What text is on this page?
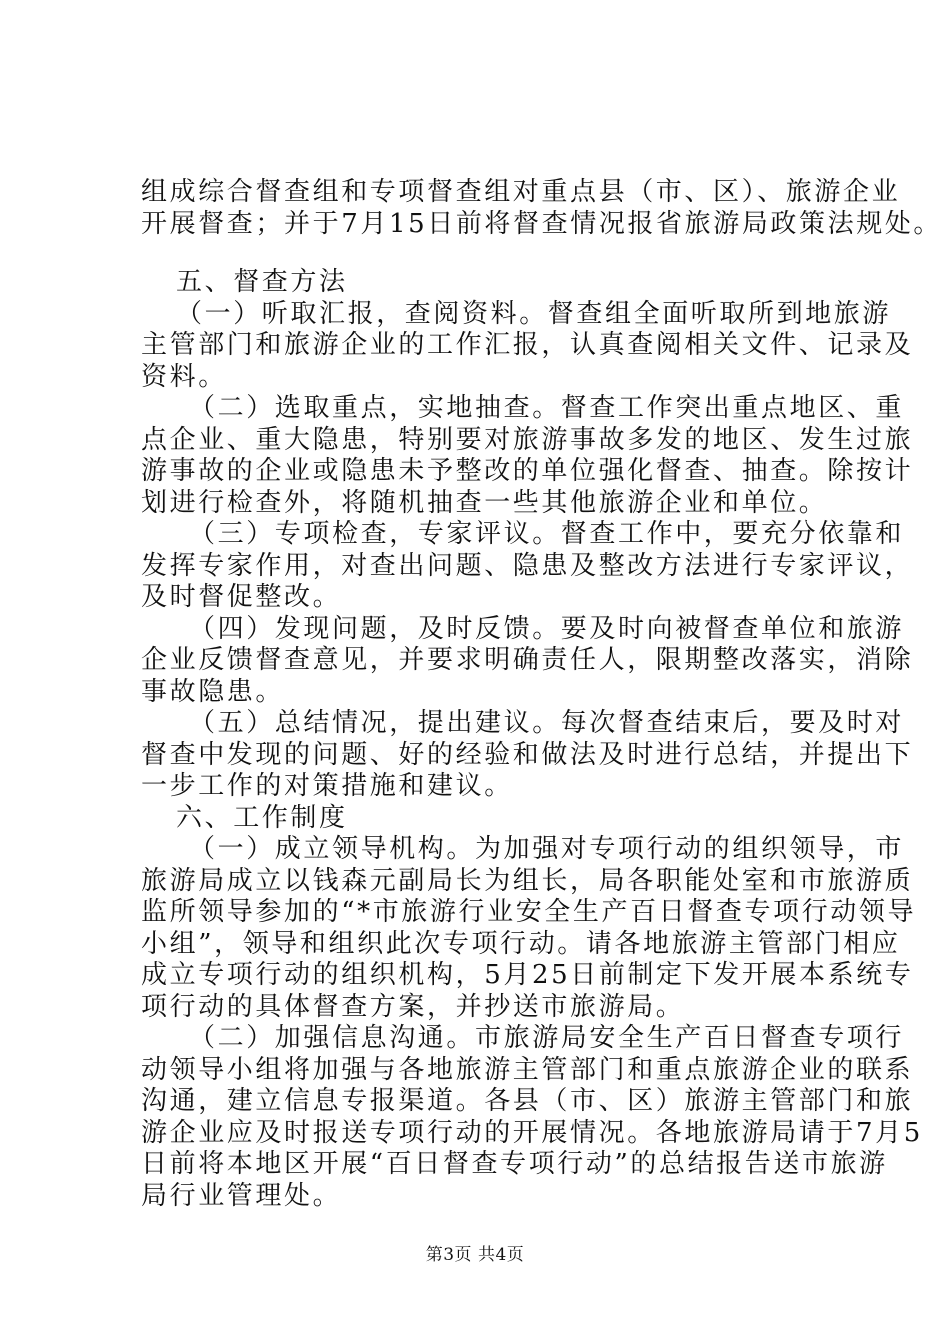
组成综合督查组和专项督查组对重点县（市、区）、旅游企业
开展督查；并于7月15日前将督查情况报省旅游局政策法规处。
五、督查方法
（一）听取汇报，查阅资料。督查组全面听取所到地旅游
主管部门和旅游企业的工作汇报，认真查阅相关文件、记录及
资料。
（二）选取重点，实地抽查。督查工作突出重点地区、重
点企业、重大隐患，特别要对旅游事故多发的地区、发生过旅
游事故的企业或隐患未予整改的单位强化督查、抽查。除按计
划进行检查外，将随机抽查一些其他旅游企业和单位。
（三）专项检查，专家评议。督查工作中，要充分依靠和
发挥专家作用，对查出问题、隐患及整改方法进行专家评议，
及时督促整改。
（四）发现问题，及时反馈。要及时向被督查单位和旅游
企业反馈督查意见，并要求明确责任人，限期整改落实，消除
事故隐患。
（五）总结情况，提出建议。每次督查结束后，要及时对
督查中发现的问题、好的经验和做法及时进行总结，并提出下
一步工作的对策措施和建议。
六、工作制度
（一）成立领导机构。为加强对专项行动的组织领导，市
旅游局成立以钱森元副局长为组长，局各职能处室和市旅游质
监所领导参加的“*市旅游行业安全生产百日督查专项行动领导
小组”，领导和组织此次专项行动。请各地旅游主管部门相应
成立专项行动的组织机构，5月25日前制定下发开展本系统专
项行动的具体督查方案，并抄送市旅游局。
（二）加强信息沟通。市旅游局安全生产百日督查专项行
动领导小组将加强与各地旅游主管部门和重点旅游企业的联系
沟通，建立信息专报渠道。各县（市、区）旅游主管部门和旅
游企业应及时报送专项行动的开展情况。各地旅游局请于7月5
日前将本地区开展“百日督查专项行动”的总结报告送市旅游
局行业管理处。
第3页 共4页
